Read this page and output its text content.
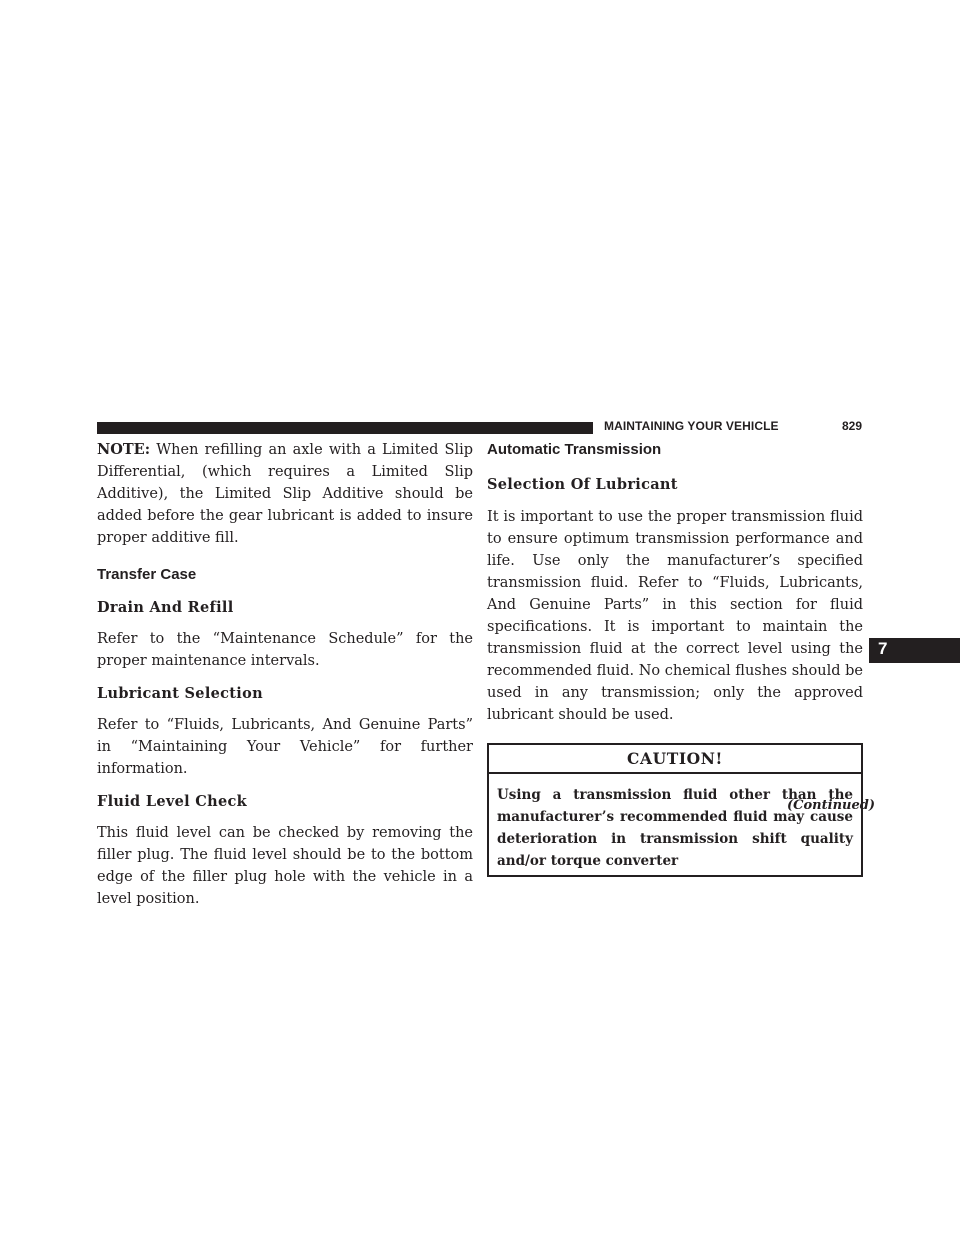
MAINTAINING YOUR VEHICLE	829

NOTE: When refilling an axle with a Limited Slip Differential, (which requires a Limited Slip Additive), the Limited Slip Additive should be added before the gear lubricant is added to insure proper additive fill.

Transfer Case
Drain And Refill

Refer to the “Maintenance Schedule” for the proper maintenance intervals.

Lubricant Selection

Refer to “Fluids, Lubricants, And Genuine Parts” in “Maintaining Your Vehicle” for further information.

Fluid Level Check

This fluid level can be checked by removing the filler plug. The fluid level should be to the bottom edge of the filler plug hole with the vehicle in a level position.

Automatic Transmission
Selection Of Lubricant

It is important to use the proper transmission fluid to ensure optimum transmission performance and life. Use only the manufacturer’s specified transmission fluid. Refer to “Fluids, Lubricants, And Genuine Parts” in this section for fluid specifications. It is important to maintain the transmission fluid at the correct level using the recommended fluid. No chemical flushes should be used in any transmission; only the approved lubricant should be used.

CAUTION!
Using a transmission fluid other than the manufacturer’s recommended fluid may cause deterioration in transmission shift quality and/or torque converter
(Continued)
7
